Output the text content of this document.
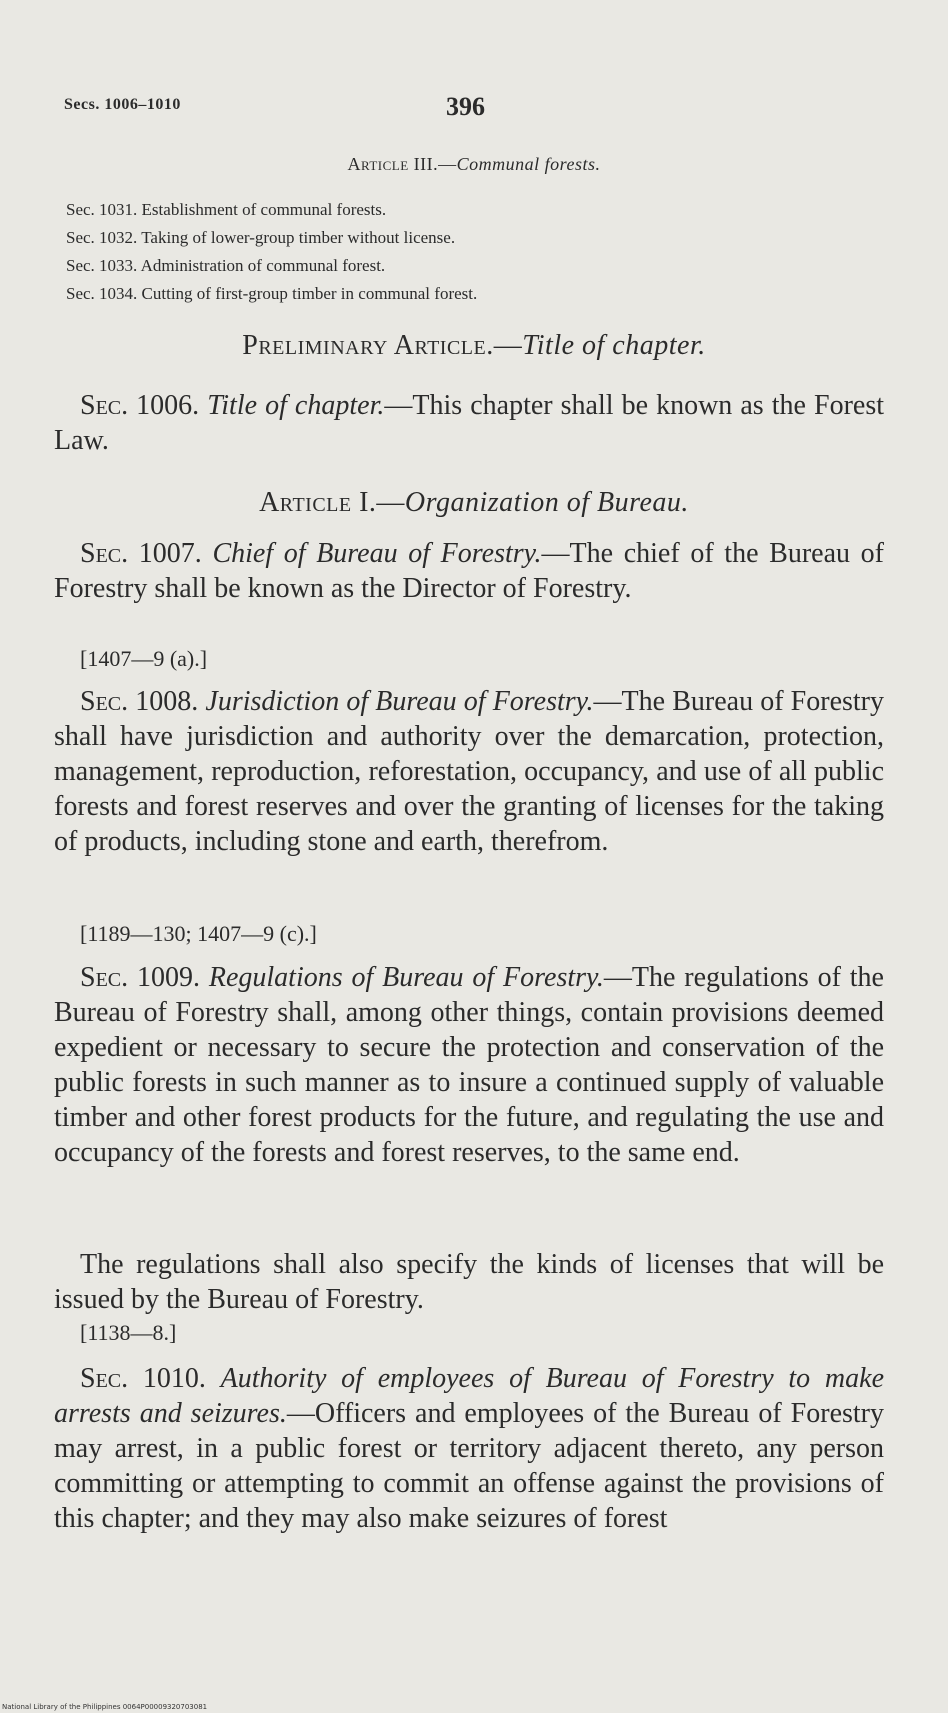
Secs. 1006–1010	396
Article III.—Communal forests.
Sec. 1031. Establishment of communal forests.
Sec. 1032. Taking of lower-group timber without license.
Sec. 1033. Administration of communal forest.
Sec. 1034. Cutting of first-group timber in communal forest.
Preliminary Article.—Title of chapter.
Sec. 1006. Title of chapter.—This chapter shall be known as the Forest Law.
Article I.—Organization of Bureau.
Sec. 1007. Chief of Bureau of Forestry.—The chief of the Bureau of Forestry shall be known as the Director of Forestry.
[1407—9 (a).]
Sec. 1008. Jurisdiction of Bureau of Forestry.—The Bureau of Forestry shall have jurisdiction and authority over the demarcation, protection, management, reproduction, reforestation, occupancy, and use of all public forests and forest reserves and over the granting of licenses for the taking of products, including stone and earth, therefrom.
[1189—130; 1407—9 (c).]
Sec. 1009. Regulations of Bureau of Forestry.—The regulations of the Bureau of Forestry shall, among other things, contain provisions deemed expedient or necessary to secure the protection and conservation of the public forests in such manner as to insure a continued supply of valuable timber and other forest products for the future, and regulating the use and occupancy of the forests and forest reserves, to the same end.
The regulations shall also specify the kinds of licenses that will be issued by the Bureau of Forestry.
[1138—8.]
Sec. 1010. Authority of employees of Bureau of Forestry to make arrests and seizures.—Officers and employees of the Bureau of Forestry may arrest, in a public forest or territory adjacent thereto, any person committing or attempting to commit an offense against the provisions of this chapter; and they may also make seizures of forest
National Library of the Philippines 0064P00009320703081
